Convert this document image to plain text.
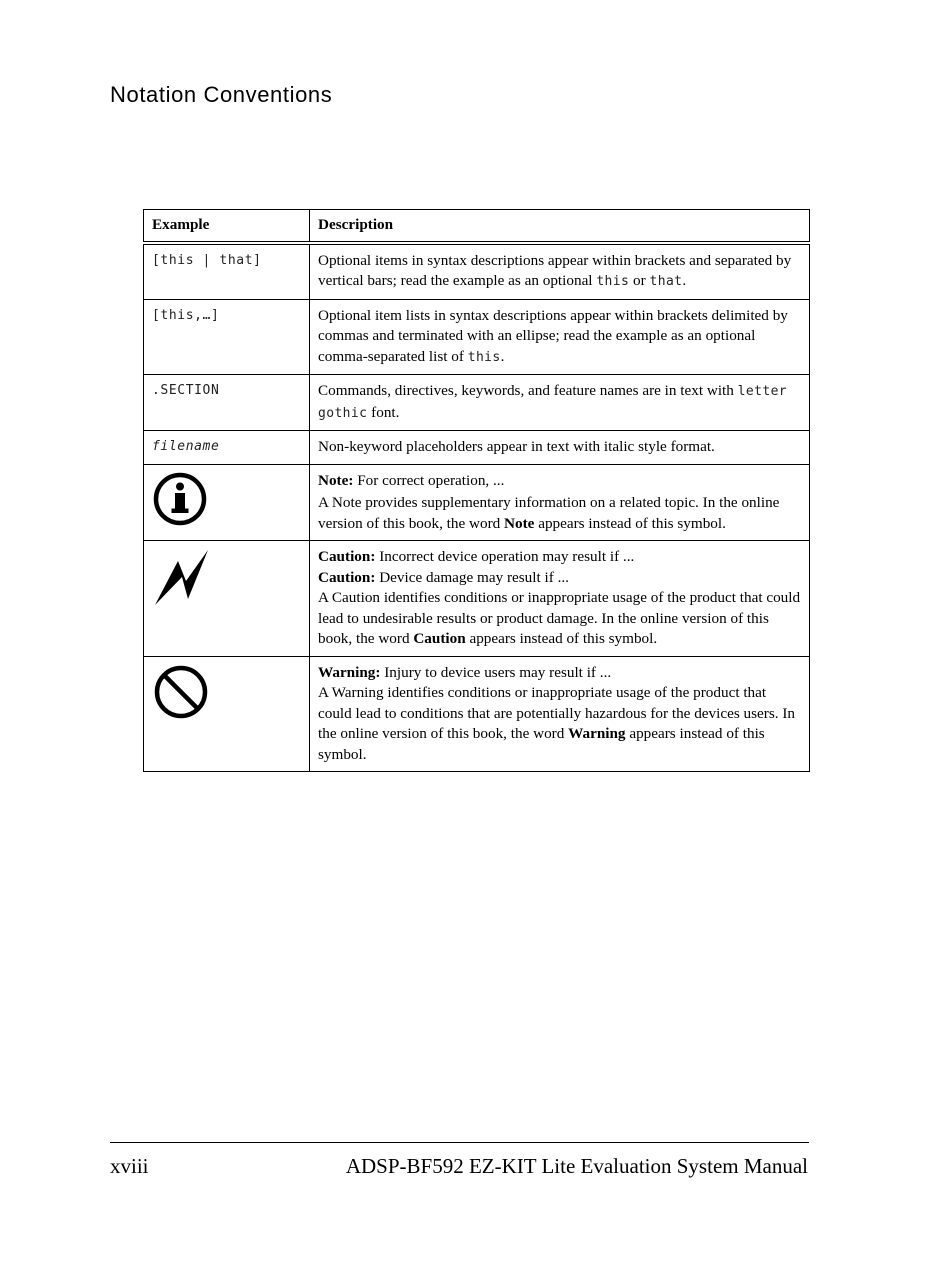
Notation Conventions
Example	Description
[this | that]	Optional items in syntax descriptions appear within brackets and separated by vertical bars; read the example as an optional this or that.
[this,…]	Optional item lists in syntax descriptions appear within brackets delimited by commas and terminated with an ellipse; read the example as an optional comma-separated list of this.
.SECTION	Commands, directives, keywords, and feature names are in text with letter gothic font.
filename	Non-keyword placeholders appear in text with italic style format.
	Note: For correct operation, ...
A Note provides supplementary information on a related topic. In the online version of this book, the word Note appears instead of this symbol.
	Caution: Incorrect device operation may result if ...
Caution: Device damage may result if ...
A Caution identifies conditions or inappropriate usage of the product that could lead to undesirable results or product damage. In the online version of this book, the word Caution appears instead of this symbol.
	Warning: Injury to device users may result if ...
A Warning identifies conditions or inappropriate usage of the product that could lead to conditions that are potentially hazardous for the devices users. In the online version of this book, the word Warning appears instead of this symbol.
xviii	ADSP-BF592 EZ-KIT Lite Evaluation System Manual
